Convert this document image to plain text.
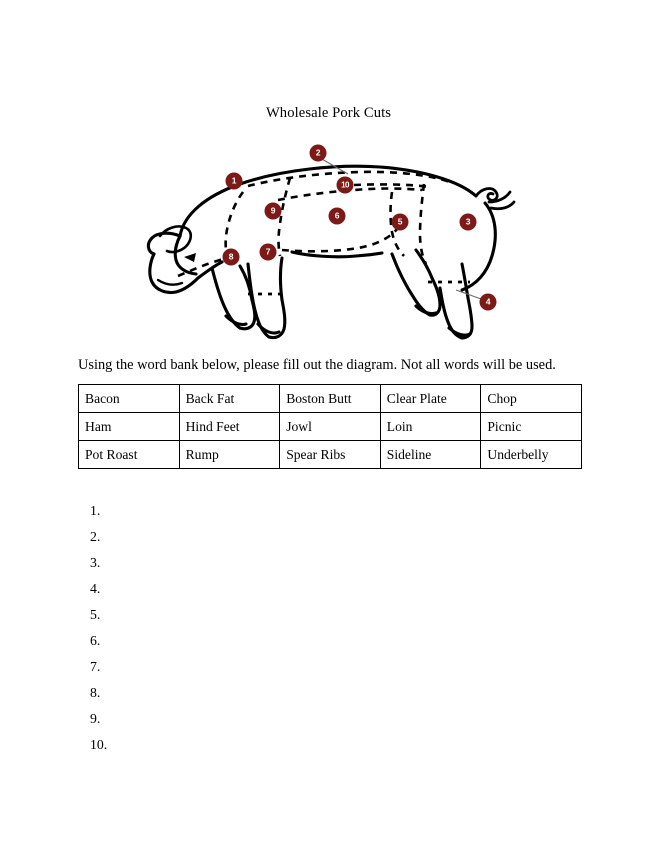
Wholesale Pork Cuts
1
2
3
4
5
6
7
8
9
10
Using the word bank below, please fill out the diagram. Not all words will be used.
Bacon	Back Fat	Boston Butt	Clear Plate	Chop
Ham	Hind Feet	Jowl	Loin	Picnic
Pot Roast	Rump	Spear Ribs	Sideline	Underbelly
1.
2.
3.
4.
5.
6.
7.
8.
9.
10.
